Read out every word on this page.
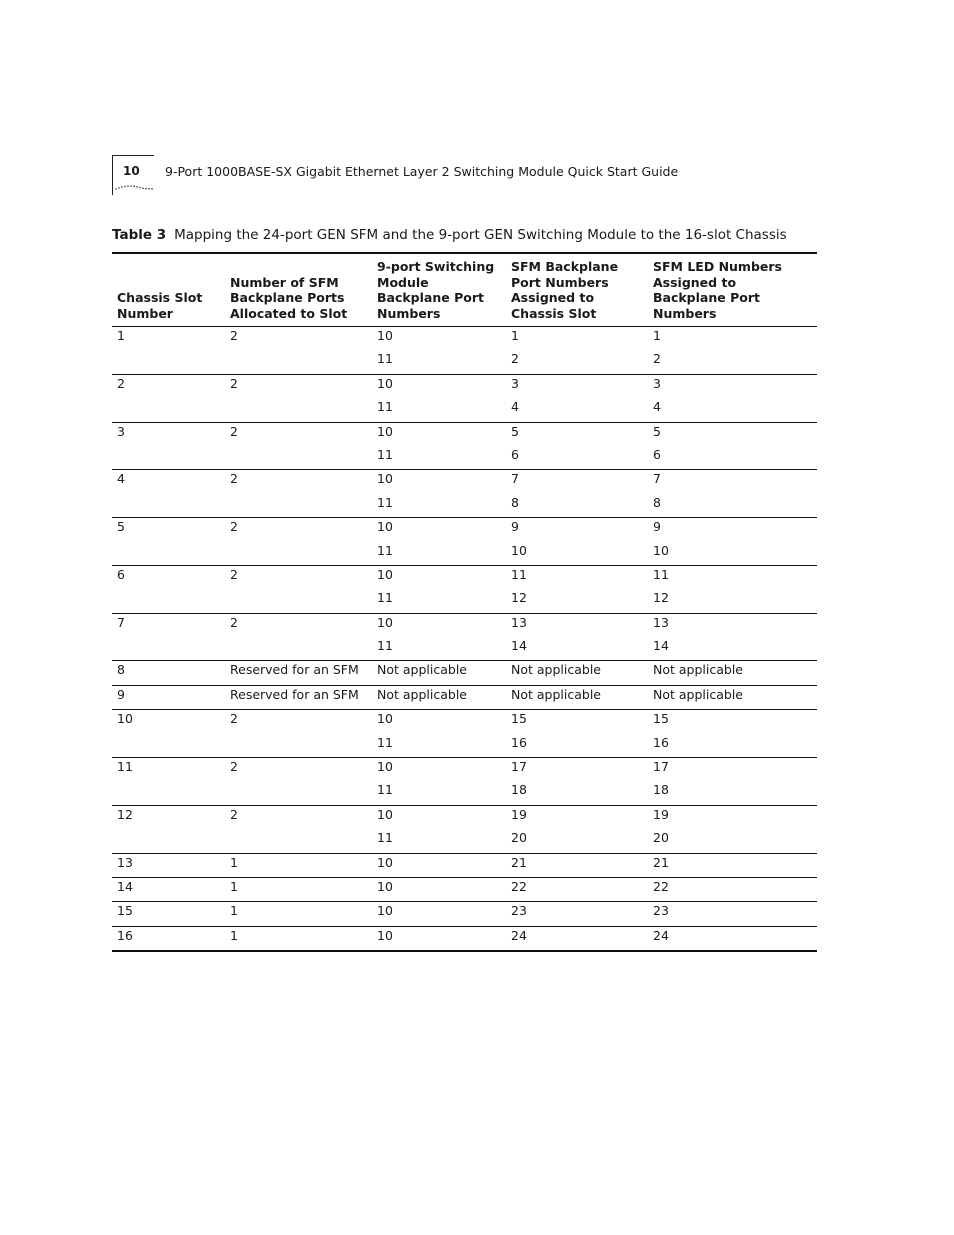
10 9-Port 1000BASE-SX Gigabit Ethernet Layer 2 Switching Module Quick Start Guide
Table 3 Mapping the 24-port GEN SFM and the 9-port GEN Switching Module to the 16-slot Chassis
Chassis Slot Number	Number of SFM Backplane Ports Allocated to Slot	9-port Switching Module Backplane Port Numbers	SFM Backplane Port Numbers Assigned to Chassis Slot	SFM LED Numbers Assigned to Backplane Port Numbers
1	2	10	1	1
		11	2	2
2	2	10	3	3
		11	4	4
3	2	10	5	5
		11	6	6
4	2	10	7	7
		11	8	8
5	2	10	9	9
		11	10	10
6	2	10	11	11
		11	12	12
7	2	10	13	13
		11	14	14
8	Reserved for an SFM	Not applicable	Not applicable	Not applicable
9	Reserved for an SFM	Not applicable	Not applicable	Not applicable
10	2	10	15	15
		11	16	16
11	2	10	17	17
		11	18	18
12	2	10	19	19
		11	20	20
13	1	10	21	21
14	1	10	22	22
15	1	10	23	23
16	1	10	24	24
